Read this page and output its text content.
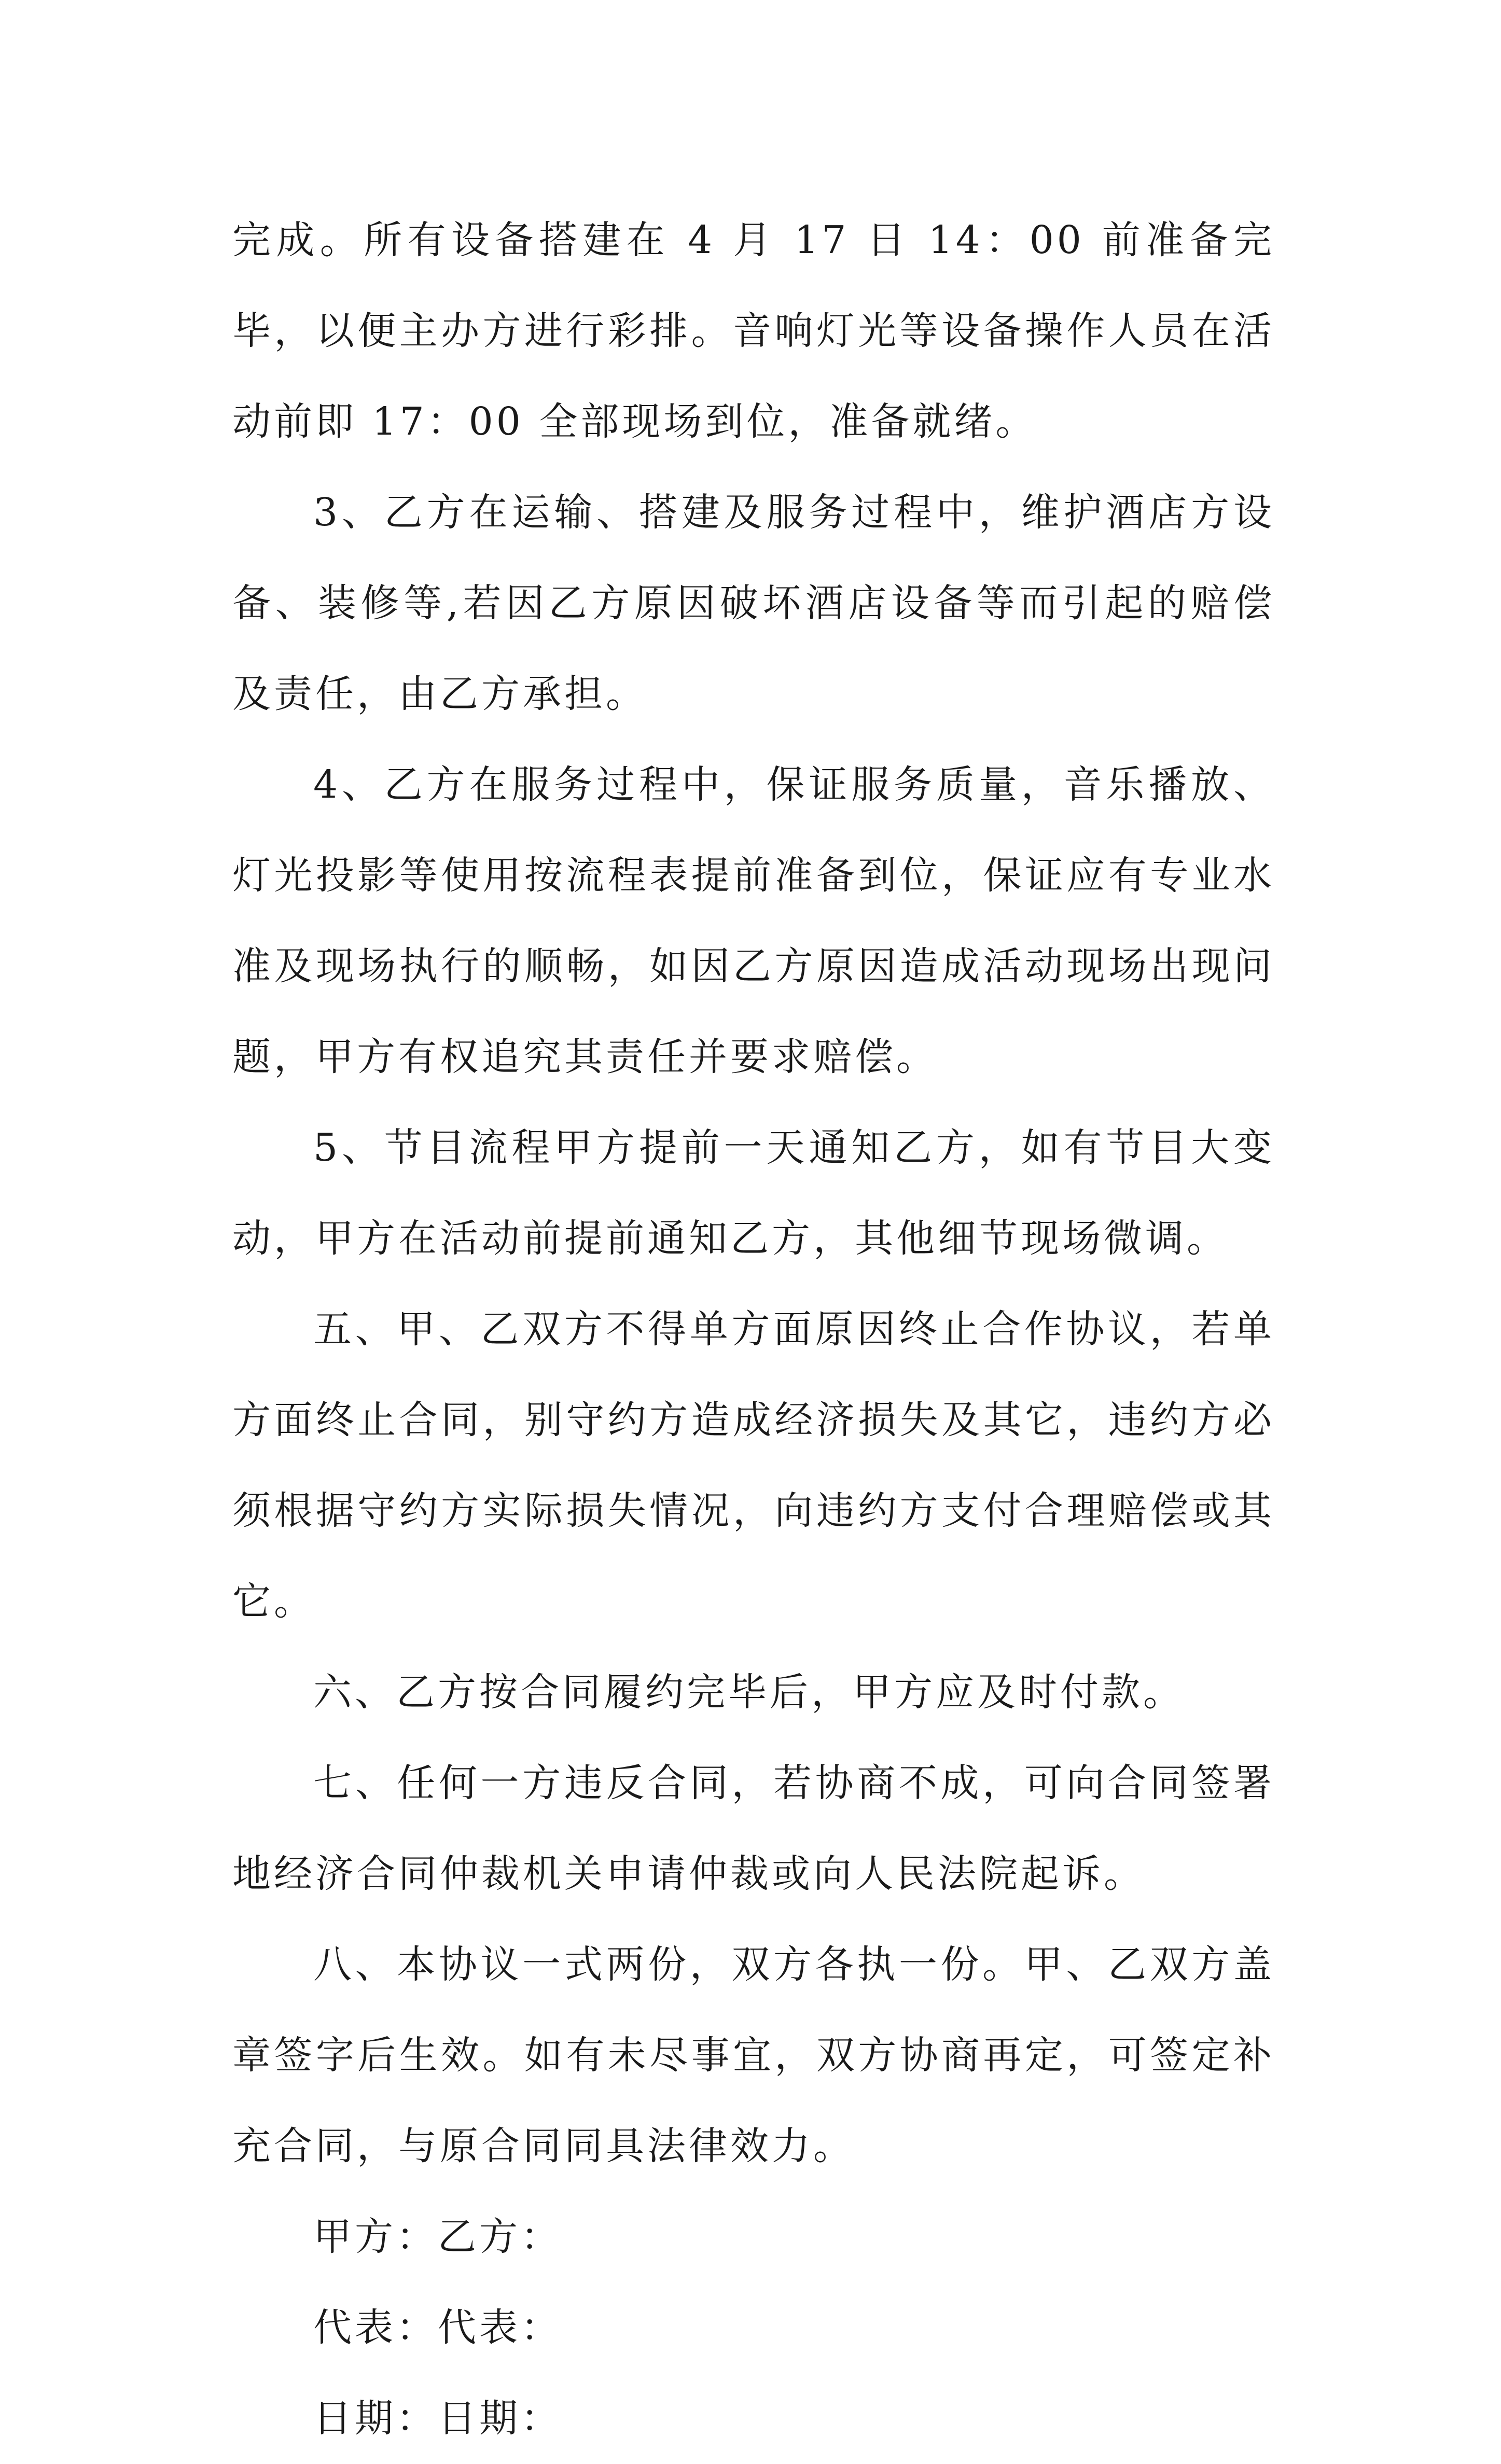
完成。所有设备搭建在 4 月 17 日 14：00 前准备完毕，以便主办方进行彩排。音响灯光等设备操作人员在活动前即 17：00 全部现场到位，准备就绪。

3、乙方在运输、搭建及服务过程中，维护酒店方设备、装修等,若因乙方原因破坏酒店设备等而引起的赔偿及责任，由乙方承担。

4、乙方在服务过程中，保证服务质量，音乐播放、灯光投影等使用按流程表提前准备到位，保证应有专业水准及现场执行的顺畅，如因乙方原因造成活动现场出现问题，甲方有权追究其责任并要求赔偿。

5、节目流程甲方提前一天通知乙方，如有节目大变动，甲方在活动前提前通知乙方，其他细节现场微调。

五、甲、乙双方不得单方面原因终止合作协议，若单方面终止合同，别守约方造成经济损失及其它，违约方必须根据守约方实际损失情况，向违约方支付合理赔偿或其它。

六、乙方按合同履约完毕后，甲方应及时付款。

七、任何一方违反合同，若协商不成，可向合同签署地经济合同仲裁机关申请仲裁或向人民法院起诉。

八、本协议一式两份，双方各执一份。甲、乙双方盖章签字后生效。如有未尽事宜，双方协商再定，可签定补充合同，与原合同同具法律效力。

甲方：乙方：

代表：代表：

日期：日期：
